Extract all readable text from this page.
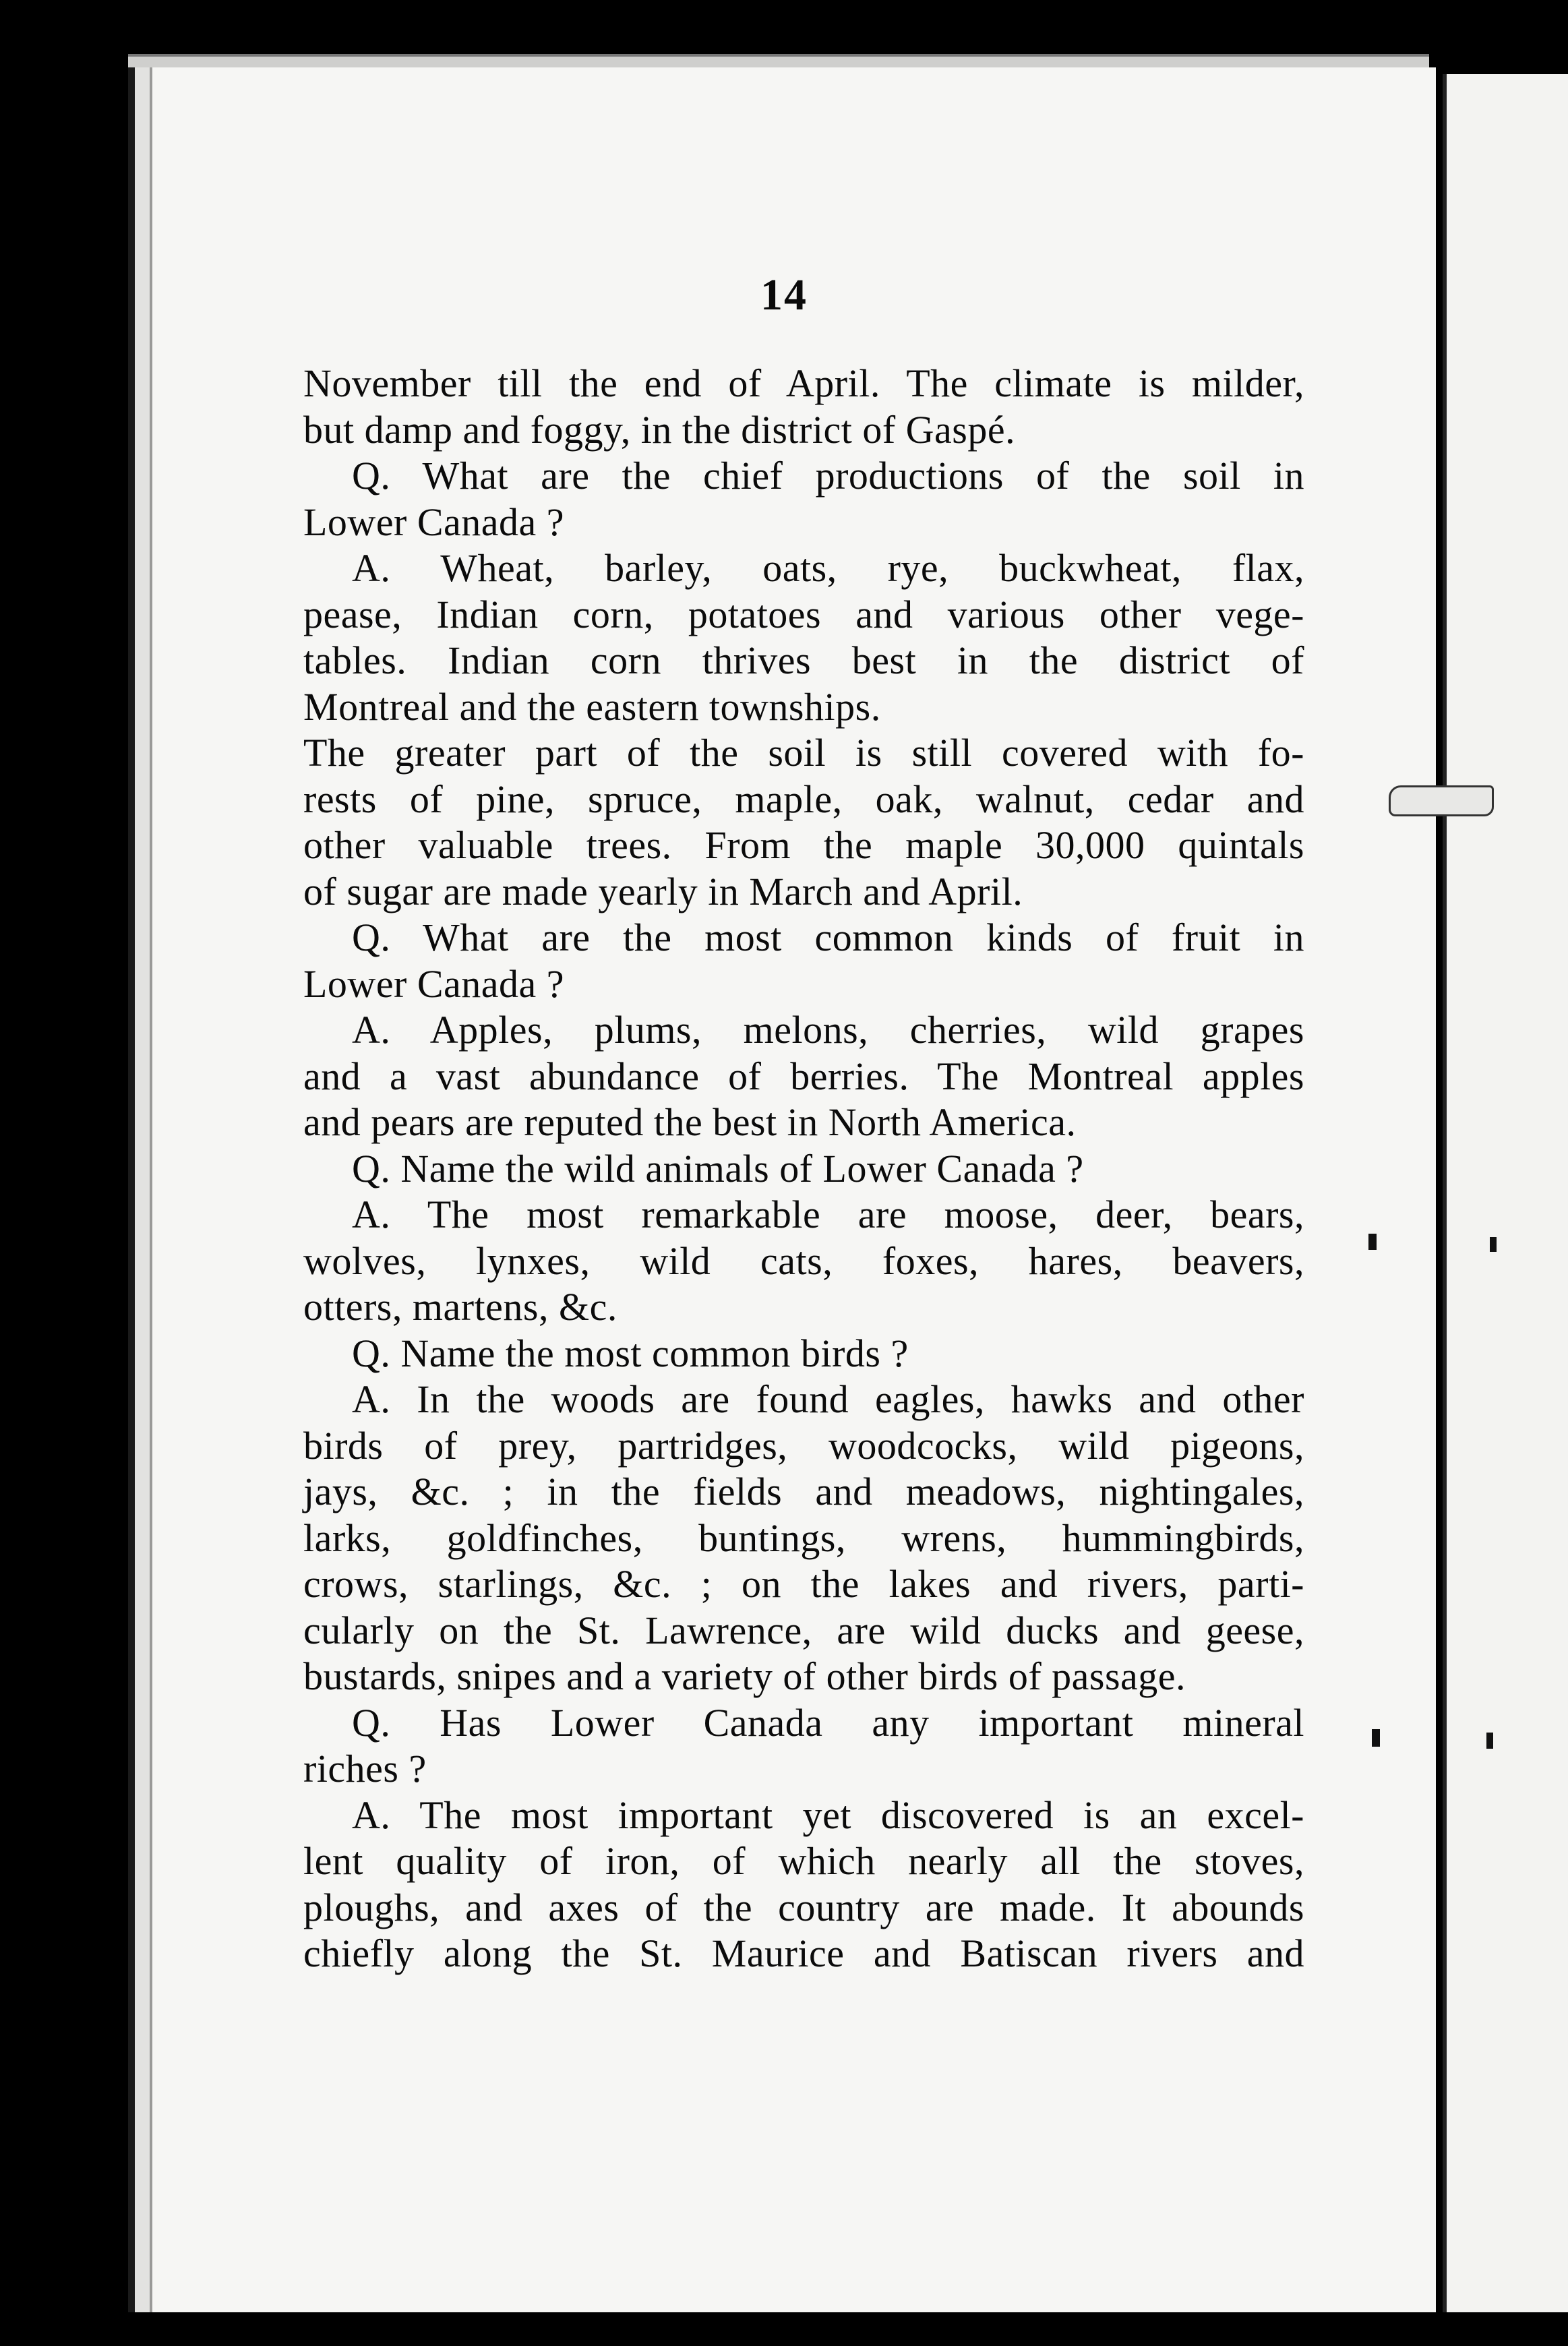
14
November till the end of April. The climate is milder,
but damp and foggy, in the district of Gaspé.
Q. What are the chief productions of the soil in
Lower Canada ?
A. Wheat, barley, oats, rye, buckwheat, flax,
pease, Indian corn, potatoes and various other vege-
tables. Indian corn thrives best in the district of
Montreal and the eastern townships.
The greater part of the soil is still covered with fo-
rests of pine, spruce, maple, oak, walnut, cedar and
other valuable trees. From the maple 30,000 quintals
of sugar are made yearly in March and April.
Q. What are the most common kinds of fruit in
Lower Canada ?
A. Apples, plums, melons, cherries, wild grapes
and a vast abundance of berries. The Montreal apples
and pears are reputed the best in North America.
Q. Name the wild animals of Lower Canada ?
A. The most remarkable are moose, deer, bears,
wolves, lynxes, wild cats, foxes, hares, beavers,
otters, martens, &c.
Q. Name the most common birds ?
A. In the woods are found eagles, hawks and other
birds of prey, partridges, woodcocks, wild pigeons,
jays, &c. ; in the fields and meadows, nightingales,
larks, goldfinches, buntings, wrens, hummingbirds,
crows, starlings, &c. ; on the lakes and rivers, parti-
cularly on the St. Lawrence, are wild ducks and geese,
bustards, snipes and a variety of other birds of passage.
Q. Has Lower Canada any important mineral
riches ?
A. The most important yet discovered is an excel-
lent quality of iron, of which nearly all the stoves,
ploughs, and axes of the country are made. It abounds
chiefly along the St. Maurice and Batiscan rivers and
